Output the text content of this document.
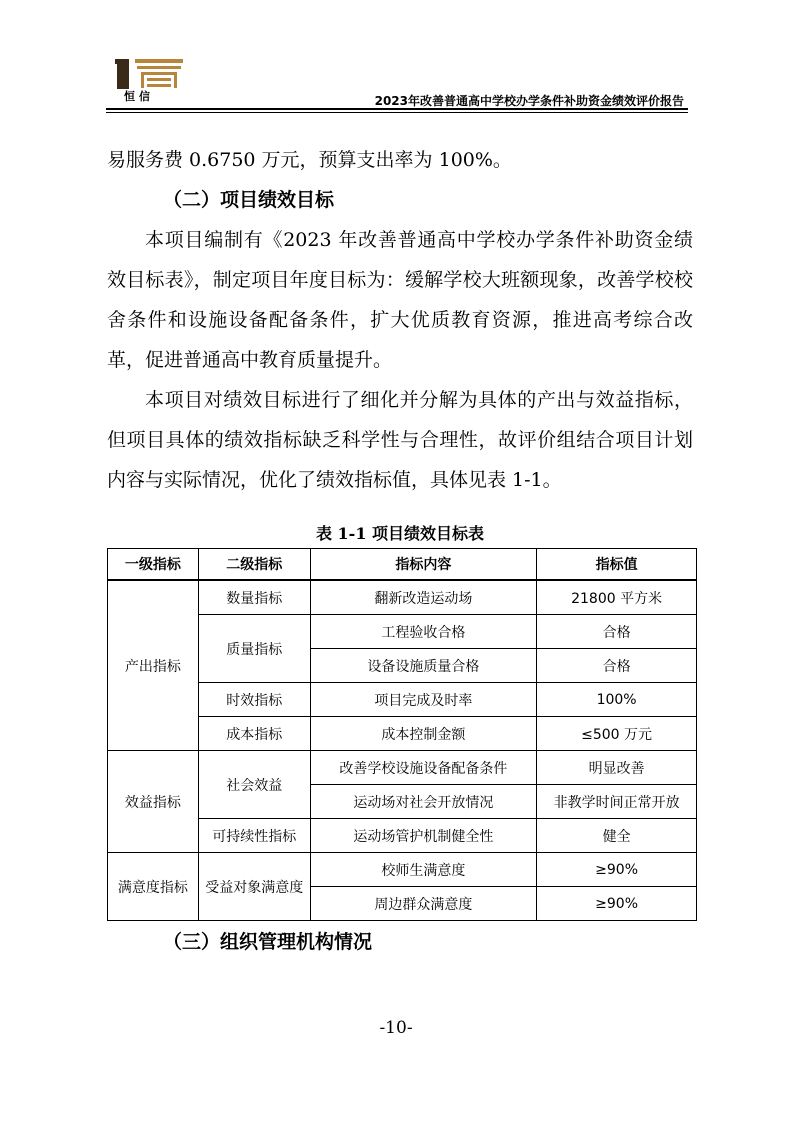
恒信	2023年改善普通高中学校办学条件补助资金绩效评价报告

易服务费 0.6750 万元，预算支出率为 100%。

（二）项目绩效目标

本项目编制有《2023 年改善普通高中学校办学条件补助资金绩效目标表》，制定项目年度目标为：缓解学校大班额现象，改善学校校舍条件和设施设备配备条件，扩大优质教育资源，推进高考综合改革，促进普通高中教育质量提升。

本项目对绩效目标进行了细化并分解为具体的产出与效益指标，但项目具体的绩效指标缺乏科学性与合理性，故评价组结合项目计划内容与实际情况，优化了绩效指标值，具体见表 1-1。

表 1-1 项目绩效目标表
一级指标	二级指标	指标内容	指标值
产出指标	数量指标	翻新改造运动场	21800 平方米
	质量指标	工程验收合格	合格
		设备设施质量合格	合格
	时效指标	项目完成及时率	100%
	成本指标	成本控制金额	≤500 万元
效益指标	社会效益	改善学校设施设备配备条件	明显改善
		运动场对社会开放情况	非教学时间正常开放
	可持续性指标	运动场管护机制健全性	健全
满意度指标	受益对象满意度	校师生满意度	≥90%
		周边群众满意度	≥90%

（三）组织管理机构情况

-10-
